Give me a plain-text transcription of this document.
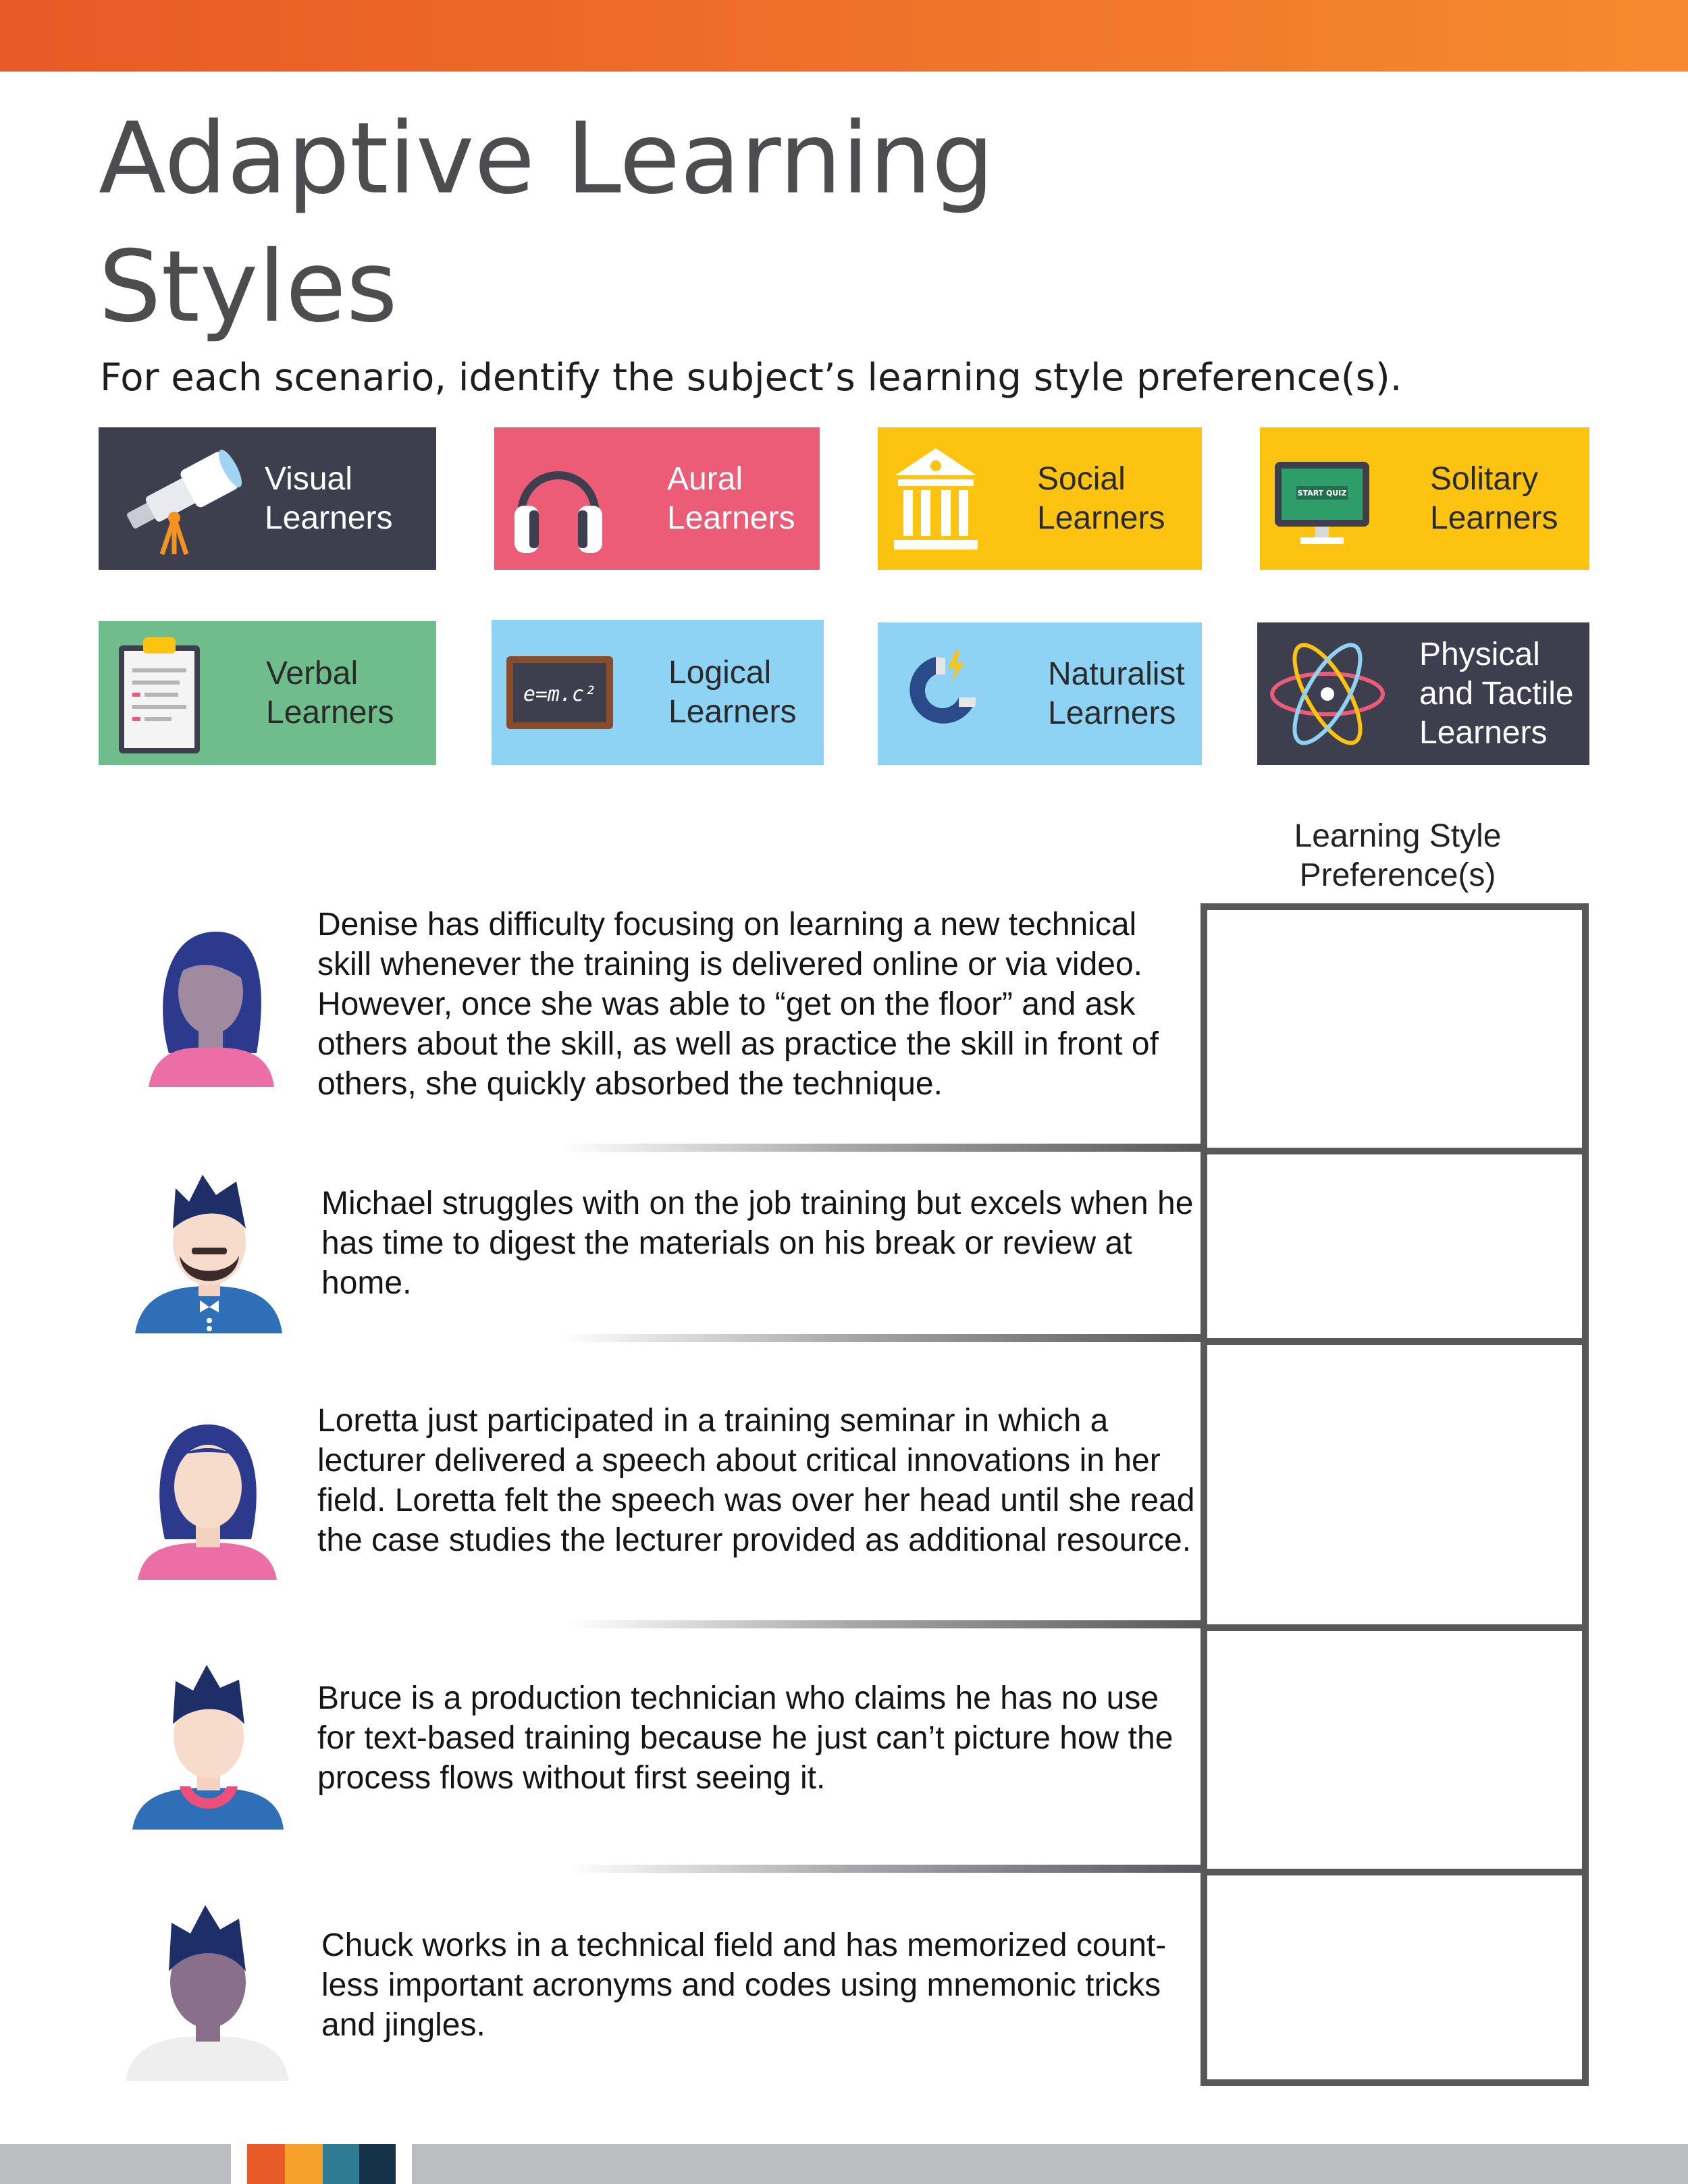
Adaptive Learning Styles

For each scenario, identify the subject’s learning style preference(s).

Visual
Learners
Aural
Learners
Social
Learners
START QUIZ	Solitary
Learners
Verbal
Learners
e=m.c²
Logical
Learners
Naturalist
Learners
Physical
and Tactile
Learners
Learning Style
Preference(s)

Denise has difficulty focusing on learning a new technical skill whenever the training is delivered online or via video. However, once she was able to “get on the floor” and ask others about the skill, as well as practice the skill in front of others, she quickly absorbed the technique.

Michael struggles with on the job training but excels when he has time to digest the materials on his break or review at home.

Loretta just participated in a training seminar in which a lecturer delivered a speech about critical innovations in her field. Loretta felt the speech was over her head until she read the case studies the lecturer provided as additional resource.

Bruce is a production technician who claims he has no use for text-based training because he just can’t picture how the process flows without first seeing it.

Chuck works in a technical field and has memorized count-less important acronyms and codes using mnemonic tricks and jingles.
